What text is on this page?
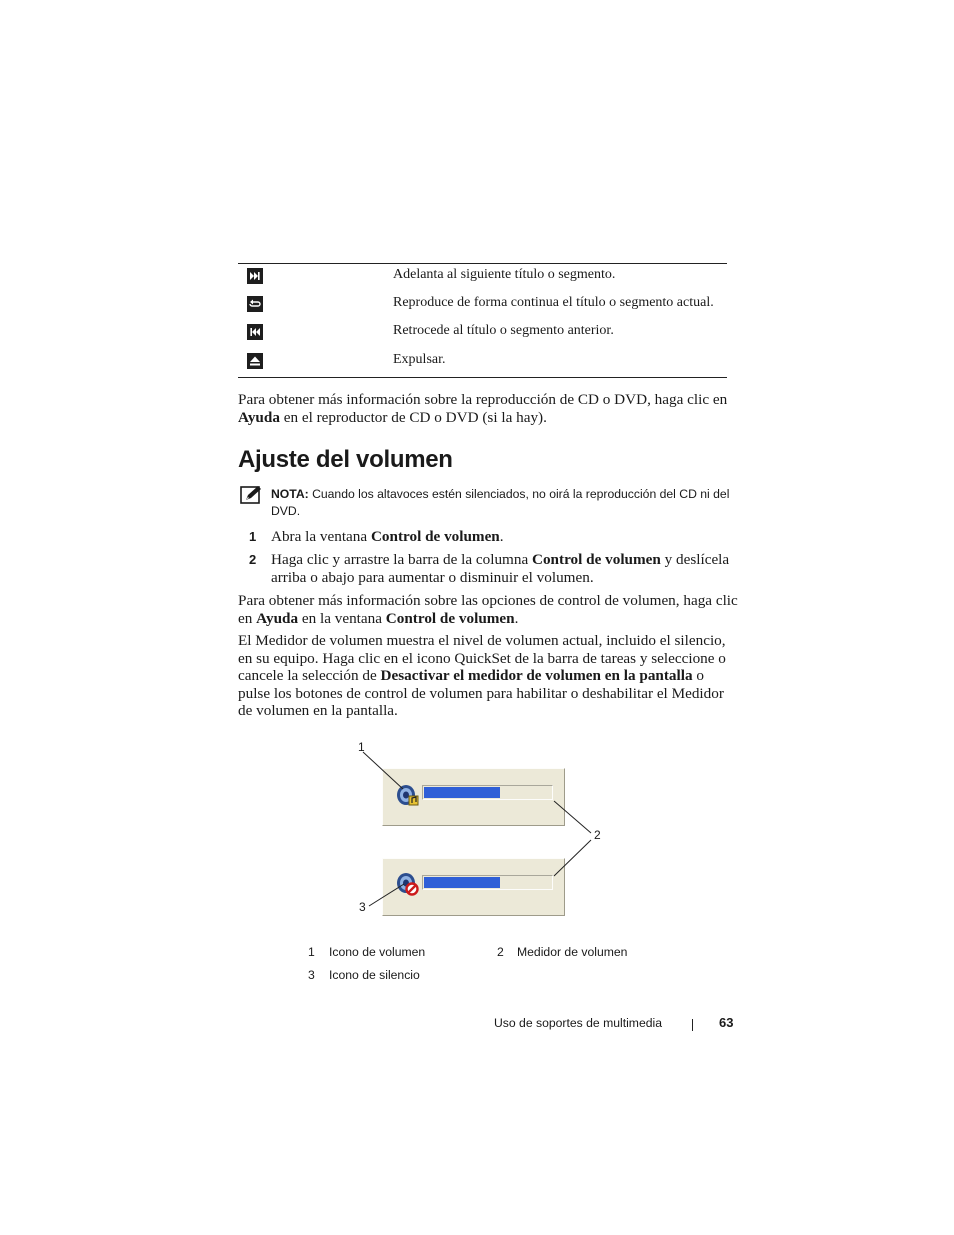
Adelanta al siguiente título o segmento.
Reproduce de forma continua el título o segmento actual.
Retrocede al título o segmento anterior.
Expulsar.
Para obtener más información sobre la reproducción de CD o DVD, haga clic en Ayuda en el reproductor de CD o DVD (si la hay).
Ajuste del volumen
NOTA: Cuando los altavoces estén silenciados, no oirá la reproducción del CD ni del DVD.
1 Abra la ventana Control de volumen.
2 Haga clic y arrastre la barra de la columna Control de volumen y deslícela arriba o abajo para aumentar o disminuir el volumen.
Para obtener más información sobre las opciones de control de volumen, haga clic en Ayuda en la ventana Control de volumen.
El Medidor de volumen muestra el nivel de volumen actual, incluido el silencio, en su equipo. Haga clic en el icono QuickSet de la barra de tareas y seleccione o cancele la selección de Desactivar el medidor de volumen en la pantalla o pulse los botones de control de volumen para habilitar o deshabilitar el Medidor de volumen en la pantalla.
1
2
3
1 Icono de volumen	2 Medidor de volumen
3 Icono de silencio
Uso de soportes de multimedia	63
